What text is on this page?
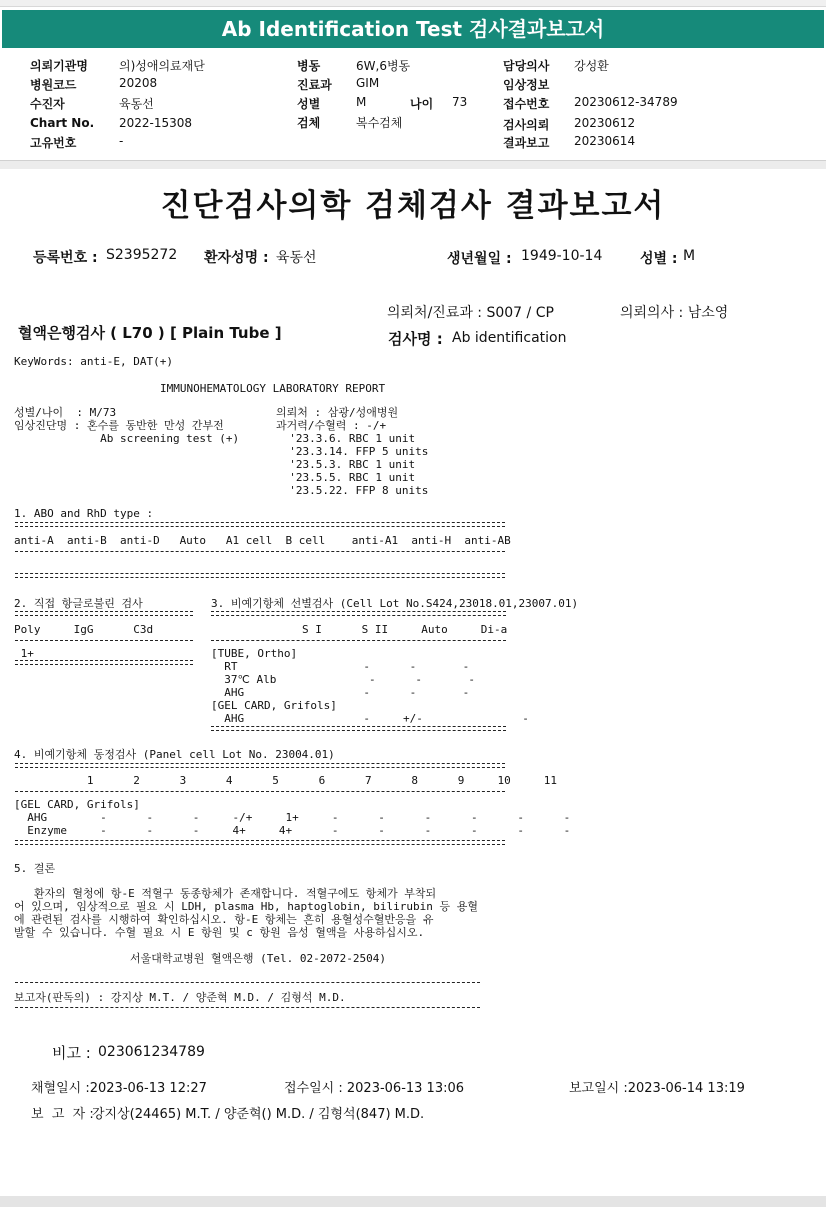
Ab Identification Test 검사결과보고서
의뢰기관명	의)성애의료재단
병원코드	20208
수진자	육동선
Chart No. 2022-15308
고유번호	-
병동	6W,6병동
진료과 GIM
성별	M	나이 73
검체	복수검체
담당의사 강성환
임상정보
접수번호 20230612-34789
검사의뢰 20230612
결과보고 20230614
진단검사의학 검체검사 결과보고서
등록번호 : S2395272 환자성명 : 육동선	생년월일 : 1949-10-14	성별 : M
의뢰처/진료과 : S007 / CP	의뢰의사 : 남소영
혈액은행검사 ( L70 ) [ Plain Tube ]	검사명 : Ab identification
KeyWords: anti-E, DAT(+)
IMMUNOHEMATOLOGY LABORATORY REPORT
성별/나이  : M/73
임상진단명 : 혼수를 동반한 만성 간부전
Ab screening test (+)
의뢰처 : 삼광/성애병원
과거력/수혈력 : -/+
'23.3.6. RBC 1 unit
'23.3.14. FFP 5 units
'23.5.3. RBC 1 unit
'23.5.5. RBC 1 unit
'23.5.22. FFP 8 units
1. ABO and RhD type :
anti-A  anti-B  anti-D   Auto   A1 cell  B cell    anti-A1  anti-H  anti-AB
2. 직접 항글로불린 검사
Poly     IgG      C3d
1+
3. 비예기항체 선별검사 (Cell Lot No.S424,23018.01,23007.01)
S I      S II     Auto     Di-a
[TUBE, Ortho]
RT                   -      -       -
37℃ Alb              -      -       -
AHG                  -      -       -
[GEL CARD, Grifols]
AHG                  -     +/-               -
4. 비예기항체 동정검사 (Panel cell Lot No. 23004.01)
1      2      3      4      5      6      7      8      9     10     11
[GEL CARD, Grifols]
AHG        -      -      -     -/+     1+     -      -      -      -      -      -
Enzyme     -      -      -     4+     4+      -      -      -      -      -      -
5. 결론
환자의 혈청에 항-E 적혈구 동종항체가 존재합니다. 적혈구에도 항체가 부착되
어 있으며, 임상적으로 필요 시 LDH, plasma Hb, haptoglobin, bilirubin 등 용혈
에 관련된 검사를 시행하여 확인하십시오. 항-E 항체는 흔히 용혈성수혈반응을 유
발할 수 있습니다. 수혈 필요 시 E 항원 및 c 항원 음성 혈액을 사용하십시오.
서울대학교병원 혈액은행 (Tel. 02-2072-2504)
보고자(판독의) : 강지상 M.T. / 양준혁 M.D. / 김형석 M.D.
비고 : 023061234789
채혈일시 :2023-06-13 12:27	접수일시 : 2023-06-13 13:06	보고일시 :2023-06-14 13:19
보  고  자 :
강지상(24465) M.T. / 양준혁() M.D. / 김형석(847) M.D.
